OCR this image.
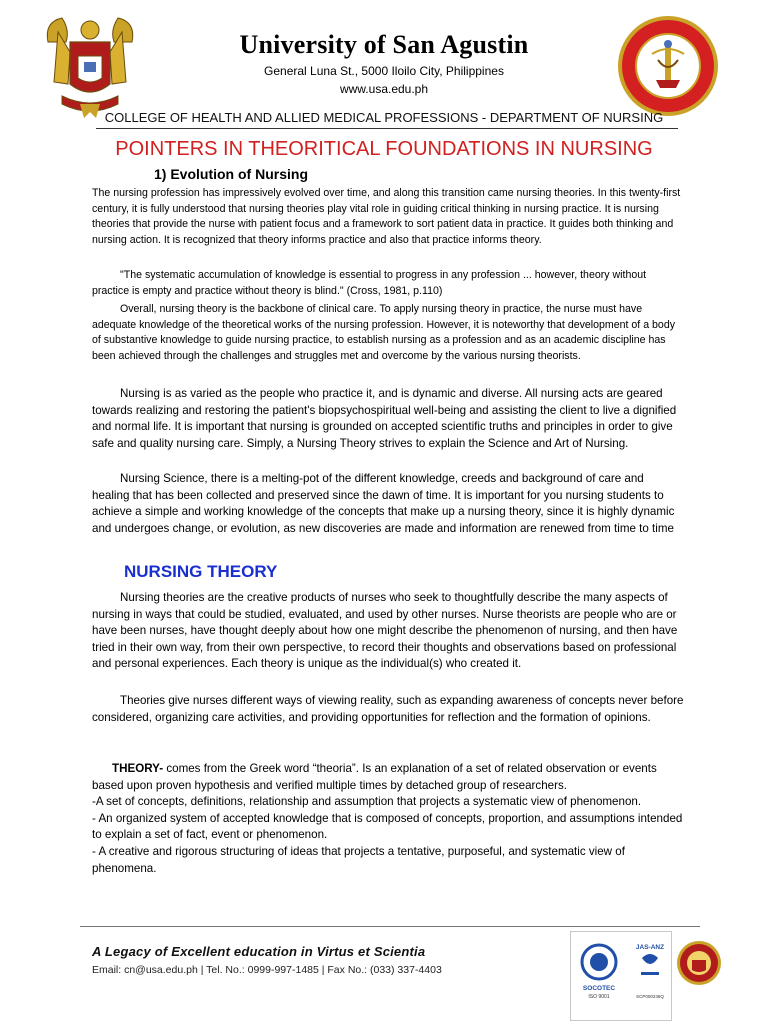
University of San Agustin
General Luna St., 5000 Iloilo City, Philippines
www.usa.edu.ph
COLLEGE OF HEALTH AND ALLIED MEDICAL PROFESSIONS - DEPARTMENT OF NURSING
POINTERS IN THEORITICAL FOUNDATIONS IN NURSING
1) Evolution of Nursing

The nursing profession has impressively evolved over time, and along this transition came nursing theories. In this twenty-first century, it is fully understood that nursing theories play vital role in guiding critical thinking in nursing practice. It is nursing theories that provide the nurse with patient focus and a framework to sort patient data in practice. It guides both thinking and nursing action. It is recognized that theory informs practice and also that practice informs theory.

"The systematic accumulation of knowledge is essential to progress in any profession ... however, theory without practice is empty and practice without theory is blind." (Cross, 1981, p.110)

Overall, nursing theory is the backbone of clinical care. To apply nursing theory in practice, the nurse must have adequate knowledge of the theoretical works of the nursing profession. However, it is noteworthy that development of a body of substantive knowledge to guide nursing practice, to establish nursing as a profession and as an academic discipline has been achieved through the challenges and struggles met and overcome by the various nursing theorists.

Nursing is as varied as the people who practice it, and is dynamic and diverse. All nursing acts are geared towards realizing and restoring the patient's biopsychospiritual well-being and assisting the client to live a dignified and normal life. It is important that nursing is grounded on accepted scientific truths and principles in order to give safe and quality nursing care. Simply, a Nursing Theory strives to explain the Science and Art of Nursing.

Nursing Science, there is a melting-pot of the different knowledge, creeds and background of care and healing that has been collected and preserved since the dawn of time. It is important for you nursing students to achieve a simple and working knowledge of the concepts that make up a nursing theory, since it is highly dynamic and undergoes change, or evolution, as new discoveries are made and information are renewed from time to time

NURSING THEORY

Nursing theories are the creative products of nurses who seek to thoughtfully describe the many aspects of nursing in ways that could be studied, evaluated, and used by other nurses. Nurse theorists are people who are or have been nurses, have thought deeply about how one might describe the phenomenon of nursing, and then have tried in their own way, from their own perspective, to record their thoughts and observations based on professional and personal experiences. Each theory is unique as the individual(s) who created it.

Theories give nurses different ways of viewing reality, such as expanding awareness of concepts never before considered, organizing care activities, and providing opportunities for reflection and the formation of opinions.

THEORY- comes from the Greek word “theoria”. Is an explanation of a set of related observation or events based upon proven hypothesis and verified multiple times by detached group of researchers.
-A set of concepts, definitions, relationship and assumption that projects a systematic view of phenomenon.
- An organized system of accepted knowledge that is composed of concepts, proportion, and assumptions intended to explain a set of fact, event or phenomenon.
- A creative and rigorous structuring of ideas that projects a tentative, purposeful, and systematic view of phenomena.
A Legacy of Excellent education in Virtus et Scientia
Email: cn@usa.edu.ph | Tel. No.: 0999-997-1485 | Fax No.: (033) 337-4403
SOCOTEC
ISO 9001
JAS-ANZ
SCP000236Q
